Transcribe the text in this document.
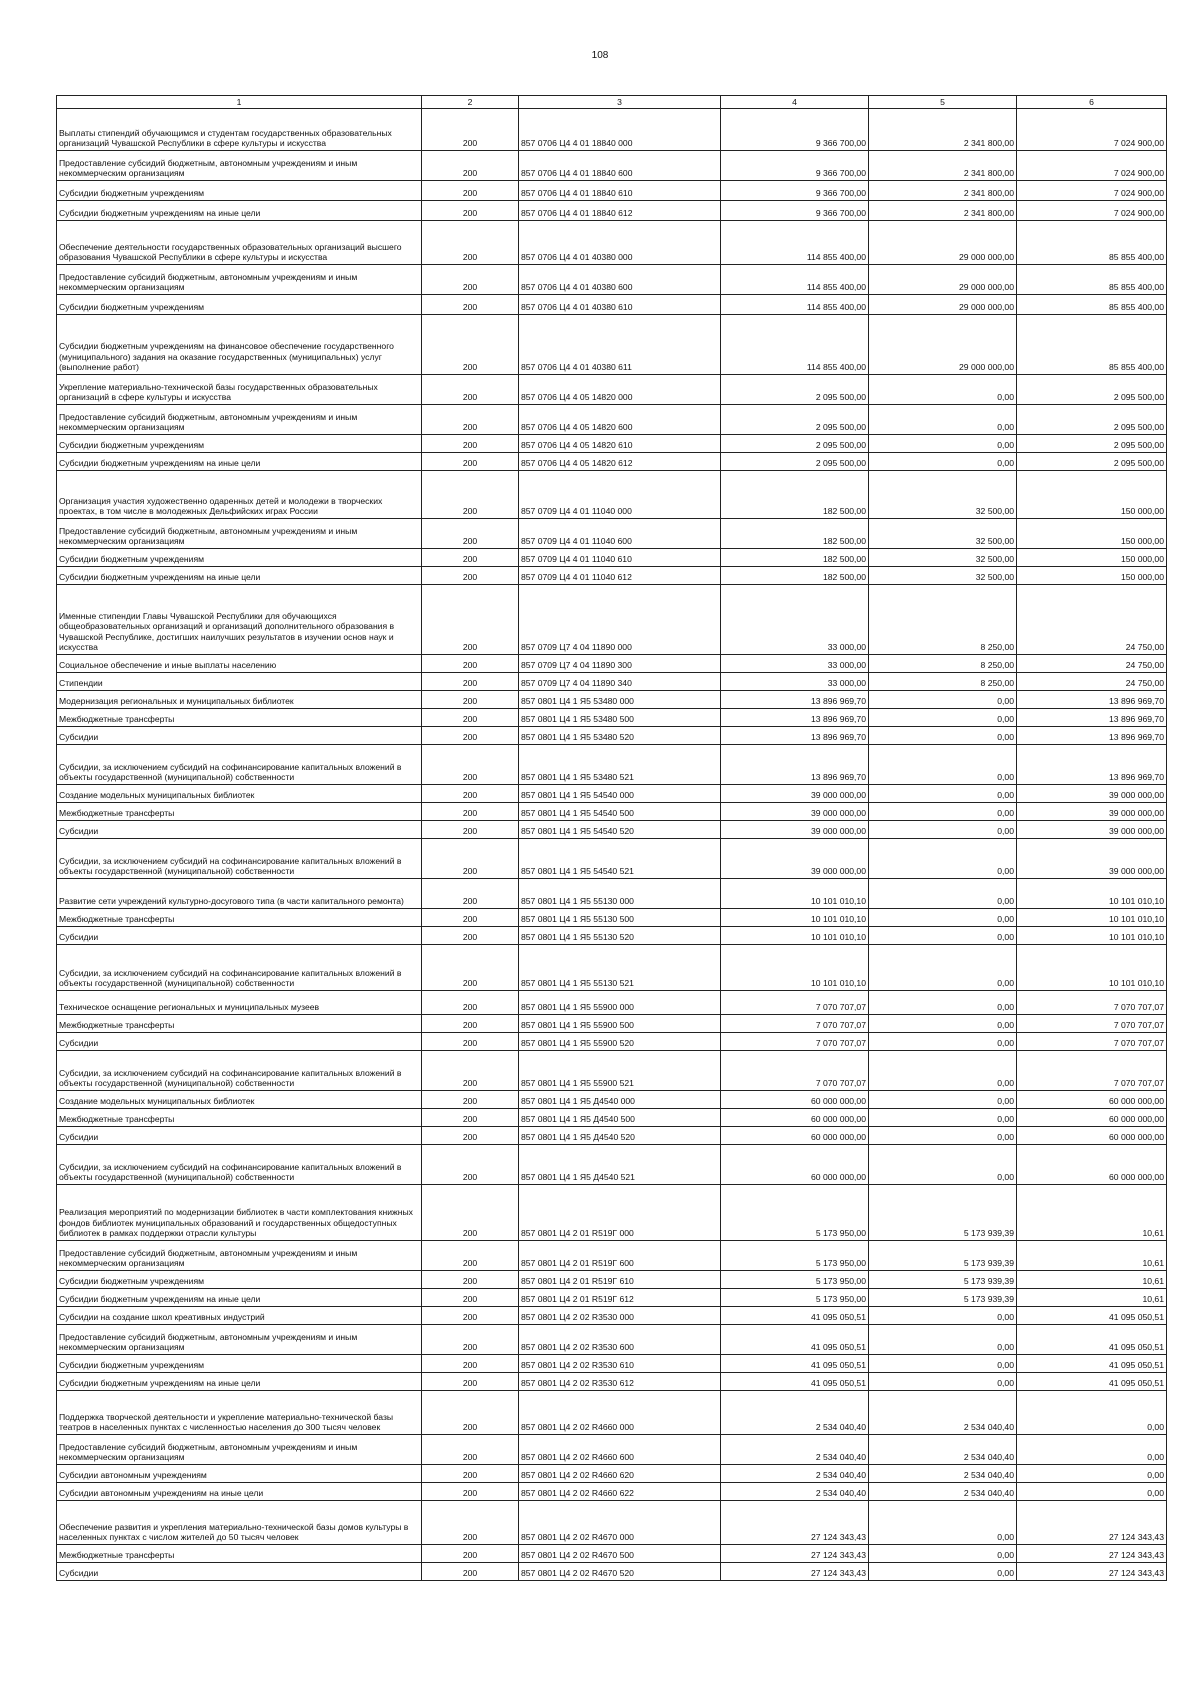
108
1	2	3	4	5	6
Выплаты стипендий обучающимся и студентам государственных образовательных организаций Чувашской Республики в сфере культуры и искусства	200	857 0706 Ц4 4 01 18840 000	9 366 700,00	2 341 800,00	7 024 900,00
Предоставление субсидий бюджетным, автономным учреждениям и иным некоммерческим организациям	200	857 0706 Ц4 4 01 18840 600	9 366 700,00	2 341 800,00	7 024 900,00
Субсидии бюджетным учреждениям	200	857 0706 Ц4 4 01 18840 610	9 366 700,00	2 341 800,00	7 024 900,00
Субсидии бюджетным учреждениям на иные цели	200	857 0706 Ц4 4 01 18840 612	9 366 700,00	2 341 800,00	7 024 900,00
Обеспечение деятельности государственных образовательных организаций высшего образования Чувашской Республики в сфере культуры и искусства	200	857 0706 Ц4 4 01 40380 000	114 855 400,00	29 000 000,00	85 855 400,00
Предоставление субсидий бюджетным, автономным учреждениям и иным некоммерческим организациям	200	857 0706 Ц4 4 01 40380 600	114 855 400,00	29 000 000,00	85 855 400,00
Субсидии бюджетным учреждениям	200	857 0706 Ц4 4 01 40380 610	114 855 400,00	29 000 000,00	85 855 400,00
Субсидии бюджетным учреждениям на финансовое обеспечение государственного (муниципального) задания на оказание государственных (муниципальных) услуг (выполнение работ)	200	857 0706 Ц4 4 01 40380 611	114 855 400,00	29 000 000,00	85 855 400,00
Укрепление материально-технической базы государственных образовательных организаций в сфере культуры и искусства	200	857 0706 Ц4 4 05 14820 000	2 095 500,00	0,00	2 095 500,00
Предоставление субсидий бюджетным, автономным учреждениям и иным некоммерческим организациям	200	857 0706 Ц4 4 05 14820 600	2 095 500,00	0,00	2 095 500,00
Субсидии бюджетным учреждениям	200	857 0706 Ц4 4 05 14820 610	2 095 500,00	0,00	2 095 500,00
Субсидии бюджетным учреждениям на иные цели	200	857 0706 Ц4 4 05 14820 612	2 095 500,00	0,00	2 095 500,00
Организация участия художественно одаренных детей и молодежи в творческих проектах, в том числе в молодежных Дельфийских играх России	200	857 0709 Ц4 4 01 11040 000	182 500,00	32 500,00	150 000,00
Предоставление субсидий бюджетным, автономным учреждениям и иным некоммерческим организациям	200	857 0709 Ц4 4 01 11040 600	182 500,00	32 500,00	150 000,00
Субсидии бюджетным учреждениям	200	857 0709 Ц4 4 01 11040 610	182 500,00	32 500,00	150 000,00
Субсидии бюджетным учреждениям на иные цели	200	857 0709 Ц4 4 01 11040 612	182 500,00	32 500,00	150 000,00
Именные стипендии Главы Чувашской Республики для обучающихся общеобразовательных организаций и организаций дополнительного образования в Чувашской Республике, достигших наилучших результатов в изучении основ наук и искусства	200	857 0709 Ц7 4 04 11890 000	33 000,00	8 250,00	24 750,00
Социальное обеспечение и иные выплаты населению	200	857 0709 Ц7 4 04 11890 300	33 000,00	8 250,00	24 750,00
Стипендии	200	857 0709 Ц7 4 04 11890 340	33 000,00	8 250,00	24 750,00
Модернизация региональных и муниципальных библиотек	200	857 0801 Ц4 1 Я5 53480 000	13 896 969,70	0,00	13 896 969,70
Межбюджетные трансферты	200	857 0801 Ц4 1 Я5 53480 500	13 896 969,70	0,00	13 896 969,70
Субсидии	200	857 0801 Ц4 1 Я5 53480 520	13 896 969,70	0,00	13 896 969,70
Субсидии, за исключением субсидий на софинансирование капитальных вложений в объекты государственной (муниципальной) собственности	200	857 0801 Ц4 1 Я5 53480 521	13 896 969,70	0,00	13 896 969,70
Создание модельных муниципальных библиотек	200	857 0801 Ц4 1 Я5 54540 000	39 000 000,00	0,00	39 000 000,00
Межбюджетные трансферты	200	857 0801 Ц4 1 Я5 54540 500	39 000 000,00	0,00	39 000 000,00
Субсидии	200	857 0801 Ц4 1 Я5 54540 520	39 000 000,00	0,00	39 000 000,00
Субсидии, за исключением субсидий на софинансирование капитальных вложений в объекты государственной (муниципальной) собственности	200	857 0801 Ц4 1 Я5 54540 521	39 000 000,00	0,00	39 000 000,00
Развитие сети учреждений культурно-досугового типа (в части капитального ремонта)	200	857 0801 Ц4 1 Я5 55130 000	10 101 010,10	0,00	10 101 010,10
Межбюджетные трансферты	200	857 0801 Ц4 1 Я5 55130 500	10 101 010,10	0,00	10 101 010,10
Субсидии	200	857 0801 Ц4 1 Я5 55130 520	10 101 010,10	0,00	10 101 010,10
Субсидии, за исключением субсидий на софинансирование капитальных вложений в объекты государственной (муниципальной) собственности	200	857 0801 Ц4 1 Я5 55130 521	10 101 010,10	0,00	10 101 010,10
Техническое оснащение региональных и муниципальных музеев	200	857 0801 Ц4 1 Я5 55900 000	7 070 707,07	0,00	7 070 707,07
Межбюджетные трансферты	200	857 0801 Ц4 1 Я5 55900 500	7 070 707,07	0,00	7 070 707,07
Субсидии	200	857 0801 Ц4 1 Я5 55900 520	7 070 707,07	0,00	7 070 707,07
Субсидии, за исключением субсидий на софинансирование капитальных вложений в объекты государственной (муниципальной) собственности	200	857 0801 Ц4 1 Я5 55900 521	7 070 707,07	0,00	7 070 707,07
Создание модельных муниципальных библиотек	200	857 0801 Ц4 1 Я5 Д4540 000	60 000 000,00	0,00	60 000 000,00
Межбюджетные трансферты	200	857 0801 Ц4 1 Я5 Д4540 500	60 000 000,00	0,00	60 000 000,00
Субсидии	200	857 0801 Ц4 1 Я5 Д4540 520	60 000 000,00	0,00	60 000 000,00
Субсидии, за исключением субсидий на софинансирование капитальных вложений в объекты государственной (муниципальной) собственности	200	857 0801 Ц4 1 Я5 Д4540 521	60 000 000,00	0,00	60 000 000,00
Реализация мероприятий по модернизации библиотек в части комплектования книжных фондов библиотек муниципальных образований и государственных общедоступных библиотек в рамках поддержки отрасли культуры	200	857 0801 Ц4 2 01 R519Г 000	5 173 950,00	5 173 939,39	10,61
Предоставление субсидий бюджетным, автономным учреждениям и иным некоммерческим организациям	200	857 0801 Ц4 2 01 R519Г 600	5 173 950,00	5 173 939,39	10,61
Субсидии бюджетным учреждениям	200	857 0801 Ц4 2 01 R519Г 610	5 173 950,00	5 173 939,39	10,61
Субсидии бюджетным учреждениям на иные цели	200	857 0801 Ц4 2 01 R519Г 612	5 173 950,00	5 173 939,39	10,61
Субсидии на создание школ креативных индустрий	200	857 0801 Ц4 2 02 R3530 000	41 095 050,51	0,00	41 095 050,51
Предоставление субсидий бюджетным, автономным учреждениям и иным некоммерческим организациям	200	857 0801 Ц4 2 02 R3530 600	41 095 050,51	0,00	41 095 050,51
Субсидии бюджетным учреждениям	200	857 0801 Ц4 2 02 R3530 610	41 095 050,51	0,00	41 095 050,51
Субсидии бюджетным учреждениям на иные цели	200	857 0801 Ц4 2 02 R3530 612	41 095 050,51	0,00	41 095 050,51
Поддержка творческой деятельности и укрепление материально-технической базы театров в населенных пунктах с численностью населения до 300 тысяч человек	200	857 0801 Ц4 2 02 R4660 000	2 534 040,40	2 534 040,40	0,00
Предоставление субсидий бюджетным, автономным учреждениям и иным некоммерческим организациям	200	857 0801 Ц4 2 02 R4660 600	2 534 040,40	2 534 040,40	0,00
Субсидии автономным учреждениям	200	857 0801 Ц4 2 02 R4660 620	2 534 040,40	2 534 040,40	0,00
Субсидии автономным учреждениям на иные цели	200	857 0801 Ц4 2 02 R4660 622	2 534 040,40	2 534 040,40	0,00
Обеспечение развития и укрепления материально-технической базы домов культуры в населенных пунктах с числом жителей до 50 тысяч человек	200	857 0801 Ц4 2 02 R4670 000	27 124 343,43	0,00	27 124 343,43
Межбюджетные трансферты	200	857 0801 Ц4 2 02 R4670 500	27 124 343,43	0,00	27 124 343,43
Субсидии	200	857 0801 Ц4 2 02 R4670 520	27 124 343,43	0,00	27 124 343,43
